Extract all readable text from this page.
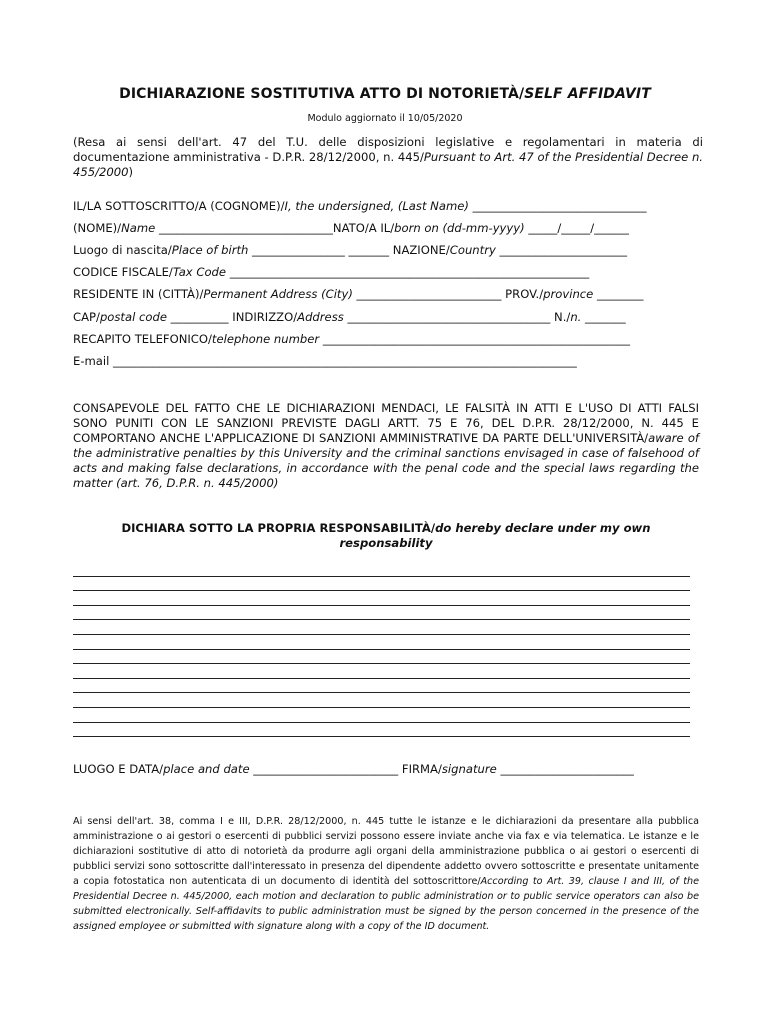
DICHIARAZIONE SOSTITUTIVA ATTO DI NOTORIETÀ/SELF AFFIDAVIT
Modulo aggiornato il 10/05/2020
(Resa ai sensi dell'art. 47 del T.U. delle disposizioni legislative e regolamentari in materia di documentazione amministrativa - D.P.R. 28/12/2000, n. 445/Pursuant to Art. 47 of the Presidential Decree n. 455/2000)
IL/LA SOTTOSCRITTO/A (COGNOME)/I, the undersigned, (Last Name) ______________________________
(NOME)/Name ______________________________NATO/A IL/born on (dd-mm-yyyy) _____/_____/______
Luogo di nascita/Place of birth ________________ _______ NAZIONE/Country ______________________
CODICE FISCALE/Tax Code ______________________________________________________________
RESIDENTE IN (CITTÀ)/Permanent Address (City) _________________________ PROV./province ________
CAP/postal code __________ INDIRIZZO/Address ___________________________________ N./n. _______
RECAPITO TELEFONICO/telephone number _____________________________________________________
E-mail ________________________________________________________________________________
CONSAPEVOLE DEL FATTO CHE LE DICHIARAZIONI MENDACI, LE FALSITÀ IN ATTI E L'USO DI ATTI FALSI SONO PUNITI CON LE SANZIONI PREVISTE DAGLI ARTT. 75 E 76, DEL D.P.R. 28/12/2000, N. 445 E COMPORTANO ANCHE L'APPLICAZIONE DI SANZIONI AMMINISTRATIVE DA PARTE DELL'UNIVERSITÀ/aware of the administrative penalties by this University and the criminal sanctions envisaged in case of falsehood of acts and making false declarations, in accordance with the penal code and the special laws regarding the matter (art. 76, D.P.R. n. 445/2000)
DICHIARA SOTTO LA PROPRIA RESPONSABILITÀ/do hereby declare under my own responsability
LUOGO E DATA/place and date _________________________ FIRMA/signature _______________________
Ai sensi dell'art. 38, comma I e III, D.P.R. 28/12/2000, n. 445 tutte le istanze e le dichiarazioni da presentare alla pubblica amministrazione o ai gestori o esercenti di pubblici servizi possono essere inviate anche via fax e via telematica. Le istanze e le dichiarazioni sostitutive di atto di notorietà da produrre agli organi della amministrazione pubblica o ai gestori o esercenti di pubblici servizi sono sottoscritte dall'interessato in presenza del dipendente addetto ovvero sottoscritte e presentate unitamente a copia fotostatica non autenticata di un documento di identità del sottoscrittore/According to Art. 39, clause I and III, of the Presidential Decree n. 445/2000, each motion and declaration to public administration or to public service operators can also be submitted electronically. Self-affidavits to public administration must be signed by the person concerned in the presence of the assigned employee or submitted with signature along with a copy of the ID document.
